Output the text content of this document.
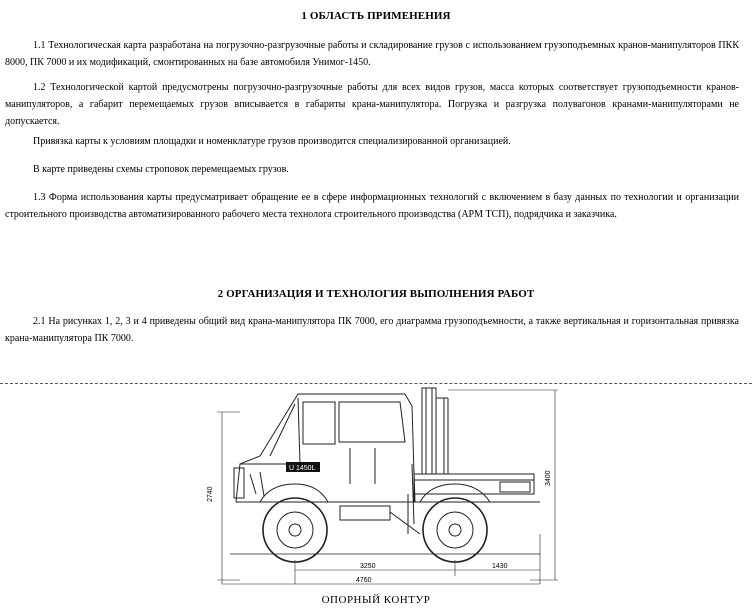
1 ОБЛАСТЬ ПРИМЕНЕНИЯ

1.1 Технологическая карта разработана на погрузочно-разгрузочные работы и складирование грузов с использованием грузоподъемных кранов-манипуляторов ПКК 8000, ПК 7000 и их модификаций, смонтированных на базе автомобиля Унимог-1450.

1.2 Технологической картой предусмотрены погрузочно-разгрузочные работы для всех видов грузов, масса которых соответствует грузоподъемности кранов-манипуляторов, а габарит перемещаемых грузов вписывается в габариты крана-манипулятора. Погрузка и разгрузка полувагонов кранами-манипуляторами не допускается.

Привязка карты к условиям площадки и номенклатуре грузов производится специализированной организацией.

В карте приведены схемы строповок перемещаемых грузов.

1.3 Форма использования карты предусматривает обращение ее в сфере информационных технологий с включением в базу данных по технологии и организации строительного производства автоматизированного рабочего места технолога строительного производства (АРМ ТСП), подрядчика и заказчика.

2 ОРГАНИЗАЦИЯ И ТЕХНОЛОГИЯ ВЫПОЛНЕНИЯ РАБОТ

2.1 На рисунках 1, 2, 3 и 4 приведены общий вид крана-манипулятора ПК 7000, его диаграмма грузоподъемности, а также вертикальная и горизонтальная привязка крана-манипулятора ПК 7000.

2740
3400
U 1450L
3250	1430
4760
ОПОРНЫЙ КОНТУР
